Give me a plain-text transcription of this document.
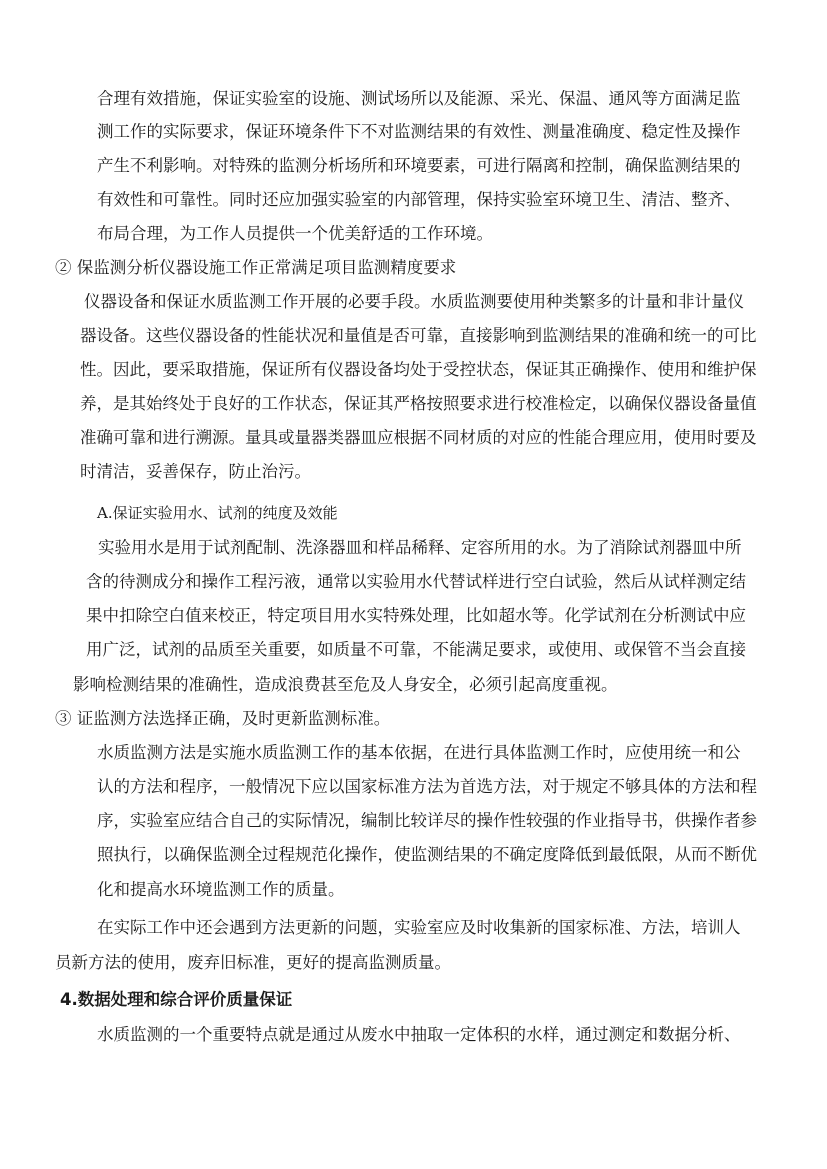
合理有效措施，保证实验室的设施、测试场所以及能源、采光、保温、通风等方面满足监
测工作的实际要求，保证环境条件下不对监测结果的有效性、测量准确度、稳定性及操作
产生不利影响。对特殊的监测分析场所和环境要素，可进行隔离和控制，确保监测结果的
有效性和可靠性。同时还应加强实验室的内部管理，保持实验室环境卫生、清洁、整齐、
布局合理，为工作人员提供一个优美舒适的工作环境。
② 保监测分析仪器设施工作正常满足项目监测精度要求
仪器设备和保证水质监测工作开展的必要手段。水质监测要使用种类繁多的计量和非计量仪
器设备。这些仪器设备的性能状况和量值是否可靠，直接影响到监测结果的准确和统一的可比
性。因此，要采取措施，保证所有仪器设备均处于受控状态，保证其正确操作、使用和维护保
养，是其始终处于良好的工作状态，保证其严格按照要求进行校准检定，以确保仪器设备量值
准确可靠和进行溯源。量具或量器类器皿应根据不同材质的对应的性能合理应用，使用时要及
时清洁，妥善保存，防止治污。
A.保证实验用水、试剂的纯度及效能
实验用水是用于试剂配制、洗涤器皿和样品稀释、定容所用的水。为了消除试剂器皿中所
含的待测成分和操作工程污液，通常以实验用水代替试样进行空白试验，然后从试样测定结
果中扣除空白值来校正，特定项目用水实特殊处理，比如超水等。化学试剂在分析测试中应
用广泛，试剂的品质至关重要，如质量不可靠，不能满足要求，或使用、或保管不当会直接
影响检测结果的准确性，造成浪费甚至危及人身安全，必须引起高度重视。
③ 证监测方法选择正确，及时更新监测标准。
水质监测方法是实施水质监测工作的基本依据，在进行具体监测工作时，应使用统一和公
认的方法和程序，一般情况下应以国家标准方法为首选方法，对于规定不够具体的方法和程
序，实验室应结合自己的实际情况，编制比较详尽的操作性较强的作业指导书，供操作者参
照执行，以确保监测全过程规范化操作，使监测结果的不确定度降低到最低限，从而不断优
化和提高水环境监测工作的质量。
在实际工作中还会遇到方法更新的问题，实验室应及时收集新的国家标准、方法，培训人
员新方法的使用，废弃旧标准，更好的提高监测质量。
4.数据处理和综合评价质量保证
水质监测的一个重要特点就是通过从废水中抽取一定体积的水样，通过测定和数据分析、
